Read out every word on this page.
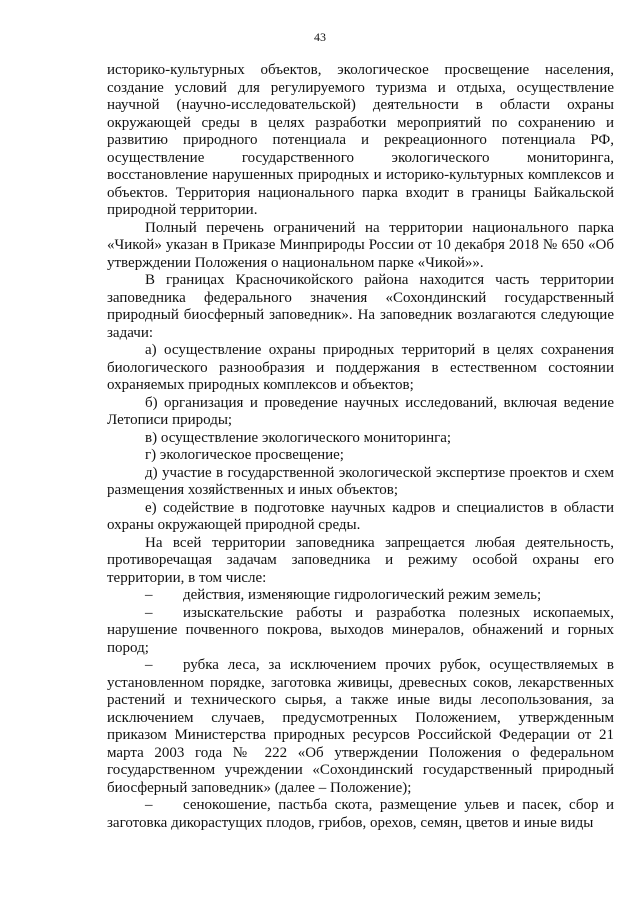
43

историко-культурных объектов, экологическое просвещение населения, создание условий для регулируемого туризма и отдыха, осуществление научной (научно-исследовательской) деятельности в области охраны окружающей среды в целях разработки мероприятий по сохранению и развитию природного потенциала и рекреационного потенциала РФ, осуществление государственного экологического мониторинга, восстановление нарушенных природных и историко-культурных комплексов и объектов. Территория национального парка входит в границы Байкальской природной территории.

Полный перечень ограничений на территории национального парка «Чикой» указан в Приказе Минприроды России от 10 декабря 2018 № 650 «Об утверждении Положения о национальном парке «Чикой»».

В границах Красночикойского района находится часть территории заповедника федерального значения «Сохондинский государственный природный биосферный заповедник». На заповедник возлагаются следующие задачи:

а) осуществление охраны природных территорий в целях сохранения биологического разнообразия и поддержания в естественном состоянии охраняемых природных комплексов и объектов;

б) организация и проведение научных исследований, включая ведение Летописи природы;

в) осуществление экологического мониторинга;

г) экологическое просвещение;

д) участие в государственной экологической экспертизе проектов и схем размещения хозяйственных и иных объектов;

е) содействие в подготовке научных кадров и специалистов в области охраны окружающей природной среды.

На всей территории заповедника запрещается любая деятельность, противоречащая задачам заповедника и режиму особой охраны его территории, в том числе:

– действия, изменяющие гидрологический режим земель;

– изыскательские работы и разработка полезных ископаемых, нарушение почвенного покрова, выходов минералов, обнажений и горных пород;

– рубка леса, за исключением прочих рубок, осуществляемых в установленном порядке, заготовка живицы, древесных соков, лекарственных растений и технического сырья, а также иные виды лесопользования, за исключением случаев, предусмотренных Положением, утвержденным приказом Министерства природных ресурсов Российской Федерации от 21 марта 2003 года № 222 «Об утверждении Положения о федеральном государственном учреждении «Сохондинский государственный природный биосферный заповедник» (далее – Положение);

– сенокошение, пастьба скота, размещение ульев и пасек, сбор и заготовка дикорастущих плодов, грибов, орехов, семян, цветов и иные виды
